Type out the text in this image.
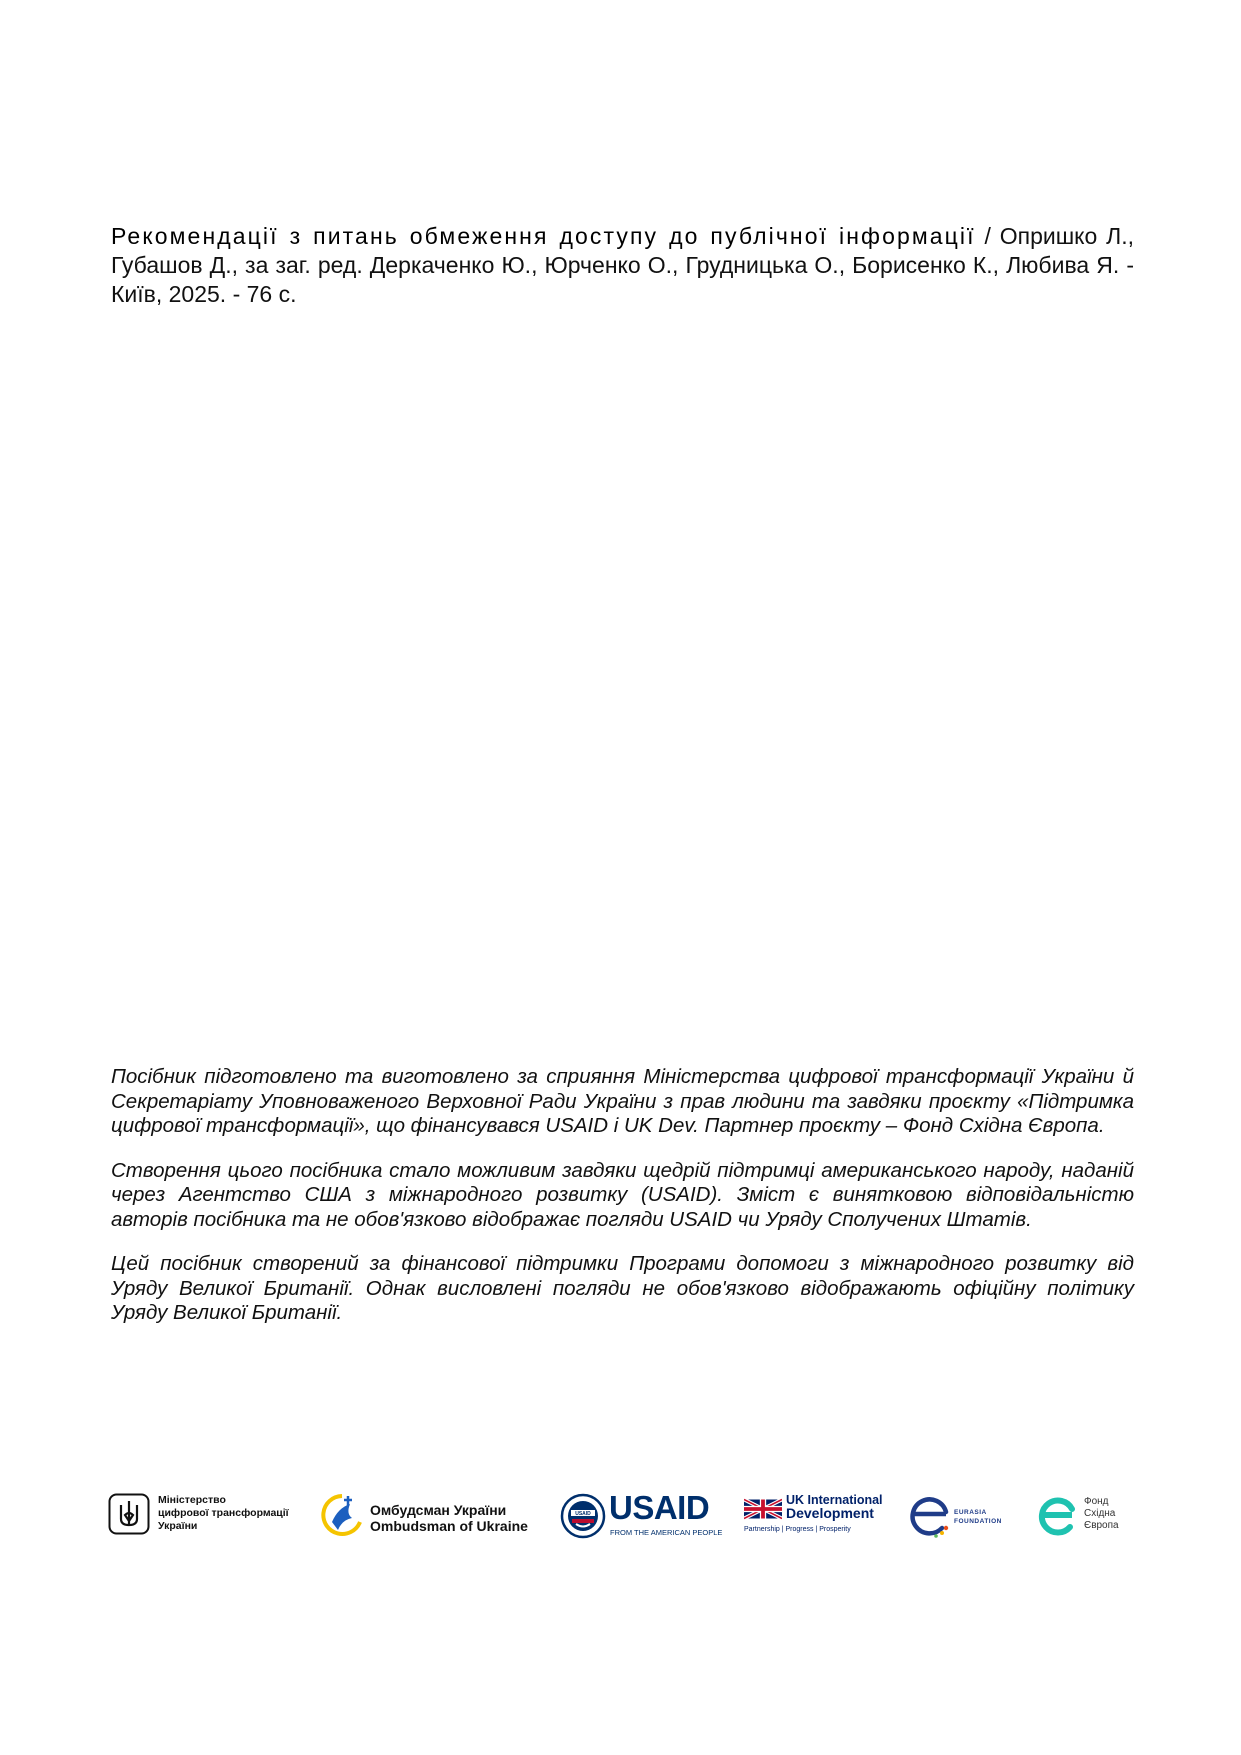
Рекомендації з питань обмеження доступу до публічної інформації / Опришко Л., Губашов Д., за заг. ред. Деркаченко Ю., Юрченко О., Грудницька О., Борисенко К., Любива Я. - Київ, 2025. - 76 с.

Посібник підготовлено та виготовлено за сприяння Міністерства цифрової трансформації України й Секретаріату Уповноваженого Верховної Ради України з прав людини та завдяки проєкту «Підтримка цифрової трансформації», що фінансувався USAID і UK Dev. Партнер проєкту – Фонд Східна Європа.

Створення цього посібника стало можливим завдяки щедрій підтримці американського народу, наданій через Агентство США з міжнародного розвитку (USAID). Зміст є винятковою відповідальністю авторів посібника та не обов'язково відображає погляди USAID чи Уряду Сполучених Штатів.

Цей посібник створений за фінансової підтримки Програми допомоги з міжнародного розвитку від Уряду Великої Британії. Однак висловлені погляди не обов'язково відображають офіційну політику Уряду Великої Британії.

Міністерство
цифрової трансформації
України
Омбудсман України
Ombudsman of Ukraine
USAID USAID
FROM THE AMERICAN PEOPLE
UK International
Development
Partnership | Progress | Prosperity
EURASIA
FOUNDATION
Фонд
Східна
Європа
